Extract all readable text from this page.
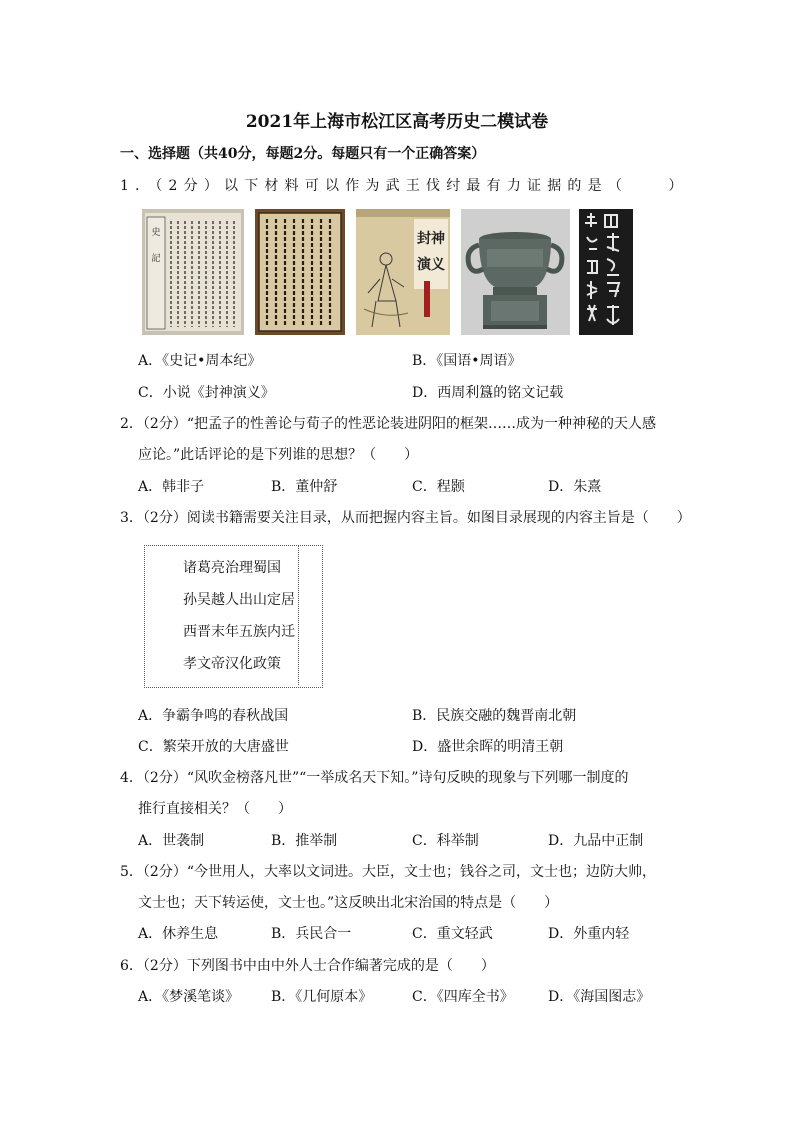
2021年上海市松江区高考历史二模试卷
一、选择题（共40分，每题2分。每题只有一个正确答案）
1．（2分）以下材料可以作为武王伐纣最有力证据的是（　　）
史
記
封神
演义
A．《史记•周本纪》	B．《国语•周语》
C．小说《封神演义》	D．西周利簋的铭文记载
2．（2分）“把孟子的性善论与荀子的性恶论装进阴阳的框架……成为一种神秘的天人感
应论。”此话评论的是下列谁的思想？（　　）
A．韩非子	B．董仲舒	C．程颢	D．朱熹
3．（2分）阅读书籍需要关注目录，从而把握内容主旨。如图目录展现的内容主旨是（　　）
诸葛亮治理蜀国
孙吴越人出山定居
西晋末年五族内迁
孝文帝汉化政策
A．争霸争鸣的春秋战国	B．民族交融的魏晋南北朝
C．繁荣开放的大唐盛世	D．盛世余晖的明清王朝
4．（2分）“风吹金榜落凡世”“一举成名天下知。”诗句反映的现象与下列哪一制度的
推行直接相关？（　　）
A．世袭制	B．推举制	C．科举制	D．九品中正制
5．（2分）“今世用人，大率以文词进。大臣，文士也；钱谷之司，文士也；边防大帅，
文士也；天下转运使，文士也。”这反映出北宋治国的特点是（　　）
A．休养生息	B．兵民合一	C．重文轻武	D．外重内轻
6．（2分）下列图书中由中外人士合作编著完成的是（　　）
A．《梦溪笔谈》 B．《几何原本》	C．《四库全书》 D．《海国图志》
